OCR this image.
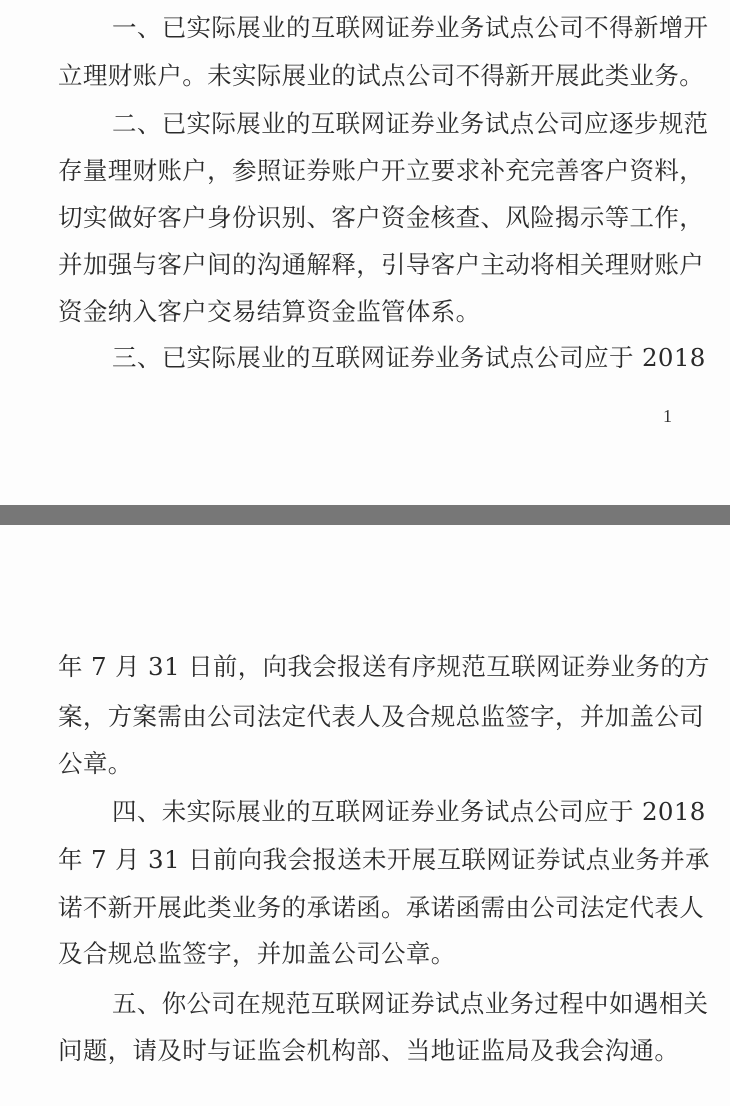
一、已实际展业的互联网证券业务试点公司不得新增开
立理财账户。未实际展业的试点公司不得新开展此类业务。
二、已实际展业的互联网证券业务试点公司应逐步规范
存量理财账户，参照证券账户开立要求补充完善客户资料，
切实做好客户身份识别、客户资金核查、风险揭示等工作，
并加强与客户间的沟通解释，引导客户主动将相关理财账户
资金纳入客户交易结算资金监管体系。
三、已实际展业的互联网证券业务试点公司应于 2018
1
年 7 月 31 日前，向我会报送有序规范互联网证券业务的方
案，方案需由公司法定代表人及合规总监签字，并加盖公司
公章。
四、未实际展业的互联网证券业务试点公司应于 2018
年 7 月 31 日前向我会报送未开展互联网证券试点业务并承
诺不新开展此类业务的承诺函。承诺函需由公司法定代表人
及合规总监签字，并加盖公司公章。
五、你公司在规范互联网证券试点业务过程中如遇相关
问题，请及时与证监会机构部、当地证监局及我会沟通。
